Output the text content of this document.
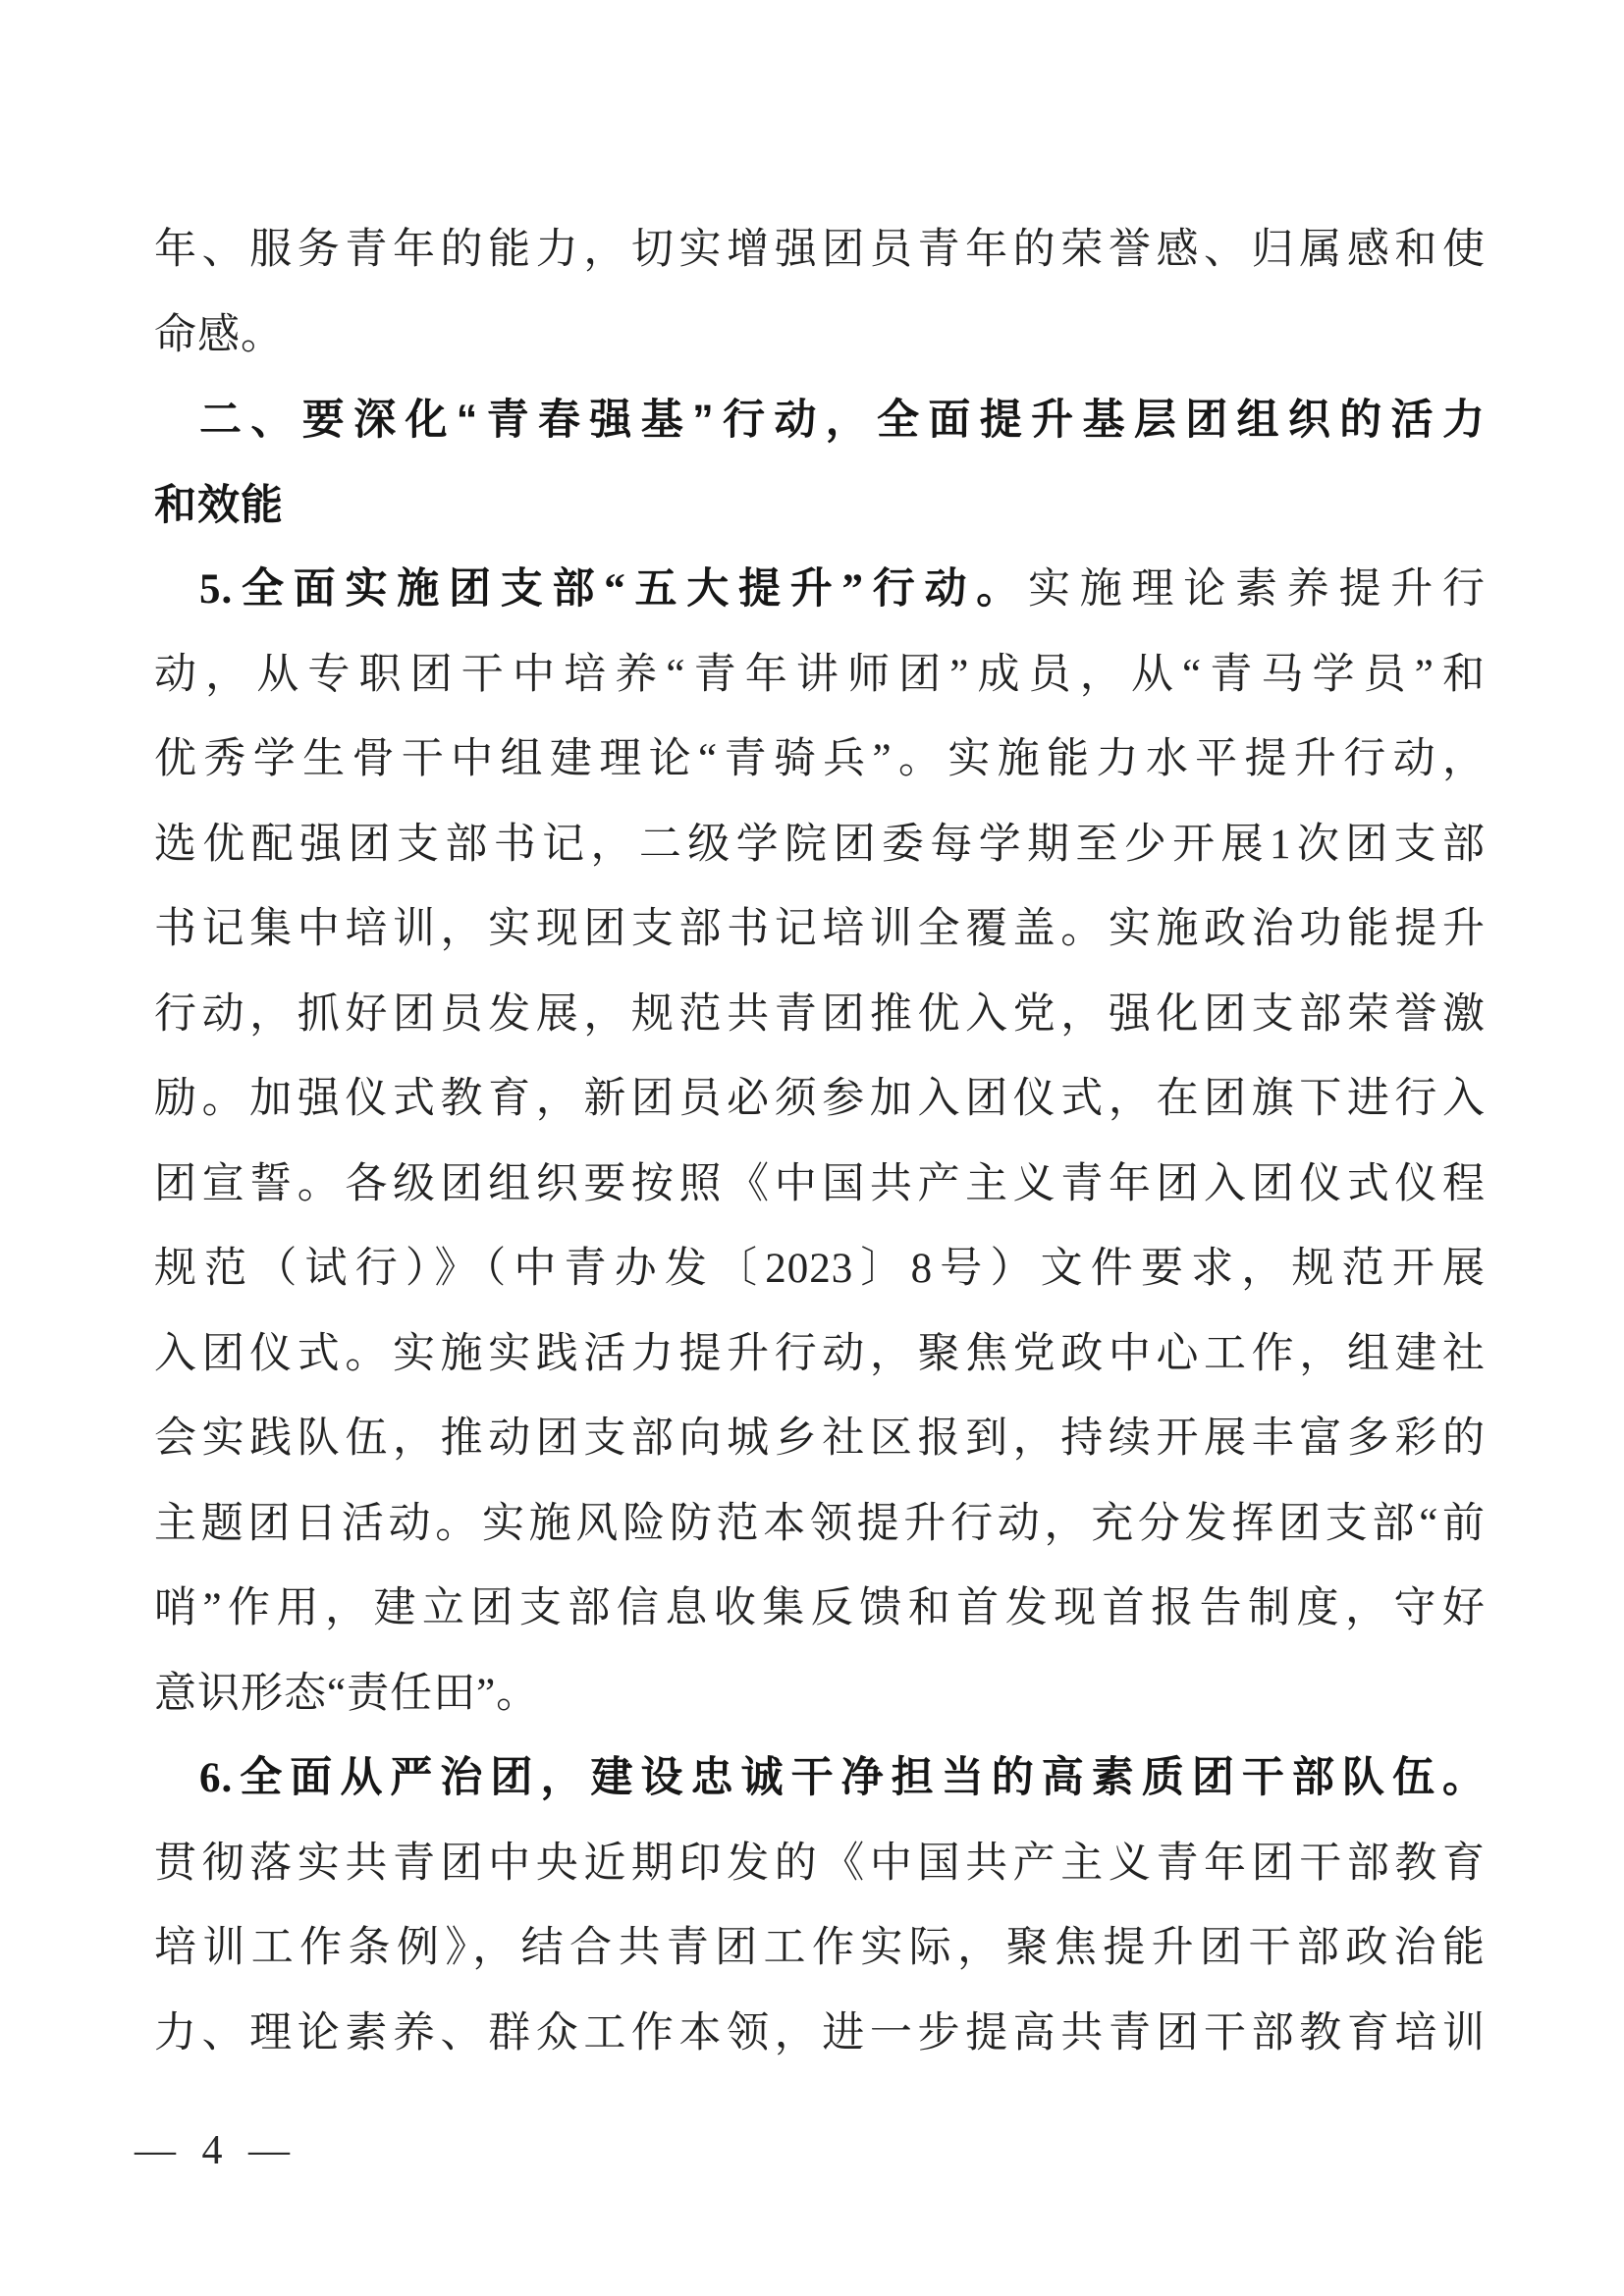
年、服务青年的能力，切实增强团员青年的荣誉感、归属感和使
命感。
二、要深化“青春强基”行动，全面提升基层团组织的活力
和效能
5.全面实施团支部“五大提升”行动。实施理论素养提升行
动，从专职团干中培养“青年讲师团”成员，从“青马学员”和
优秀学生骨干中组建理论“青骑兵”。实施能力水平提升行动，
选优配强团支部书记，二级学院团委每学期至少开展1次团支部
书记集中培训，实现团支部书记培训全覆盖。实施政治功能提升
行动，抓好团员发展，规范共青团推优入党，强化团支部荣誉激
励。加强仪式教育，新团员必须参加入团仪式，在团旗下进行入
团宣誓。各级团组织要按照《中国共产主义青年团入团仪式仪程
规范（试行）》（中青办发〔2023〕8号）文件要求，规范开展
入团仪式。实施实践活力提升行动，聚焦党政中心工作，组建社
会实践队伍，推动团支部向城乡社区报到，持续开展丰富多彩的
主题团日活动。实施风险防范本领提升行动，充分发挥团支部“前
哨”作用，建立团支部信息收集反馈和首发现首报告制度，守好
意识形态“责任田”。
6.全面从严治团，建设忠诚干净担当的高素质团干部队伍。
贯彻落实共青团中央近期印发的《中国共产主义青年团干部教育
培训工作条例》，结合共青团工作实际，聚焦提升团干部政治能
力、理论素养、群众工作本领，进一步提高共青团干部教育培训
— 4 —
